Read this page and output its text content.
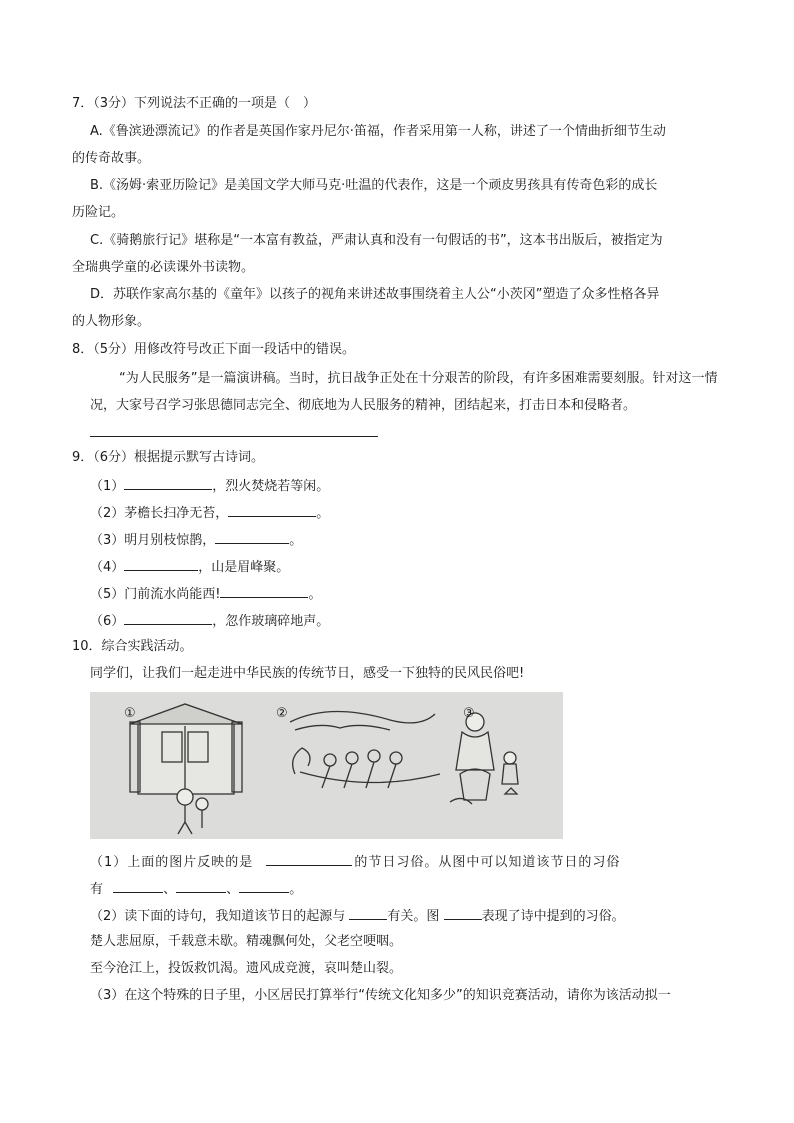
7．（3分）下列说法不正确的一项是（　）
A.《鲁滨逊漂流记》的作者是英国作家丹尼尔·笛福，作者采用第一人称，讲述了一个情曲折细节生动
的传奇故事。
B.《汤姆·索亚历险记》是美国文学大师马克·吐温的代表作，这是一个顽皮男孩具有传奇色彩的成长
历险记。
C.《骑鹅旅行记》堪称是“一本富有教益，严肃认真和没有一句假话的书”，这本书出版后，被指定为
全瑞典学童的必读课外书读物。
D．苏联作家高尔基的《童年》以孩子的视角来讲述故事围绕着主人公“小茨冈”塑造了众多性格各异
的人物形象。
8．（5分）用修改符号改正下面一段话中的错误。
“为人民服务”是一篇演讲稿。当时，抗日战争正处在十分艰苦的阶段，有许多困难需要刻服。针对这一情况，大家号召学习张思德同志完全、彻底地为人民服务的精神，团结起来，打击日本和侵略者。
9．（6分）根据提示默写古诗词。
（1）	，烈火焚烧若等闲。
（2）茅檐长扫净无苔，	。
（3）明月别枝惊鹊，	。
（4）	，山是眉峰聚。
（5）门前流水尚能西!	。
（6）	，忽作玻璃碎地声。
10．综合实践活动。
同学们，让我们一起走进中华民族的传统节日，感受一下独特的民风民俗吧!
①	②	③
（1）上面的图片反映的是	的节日习俗。从图中可以知道该节日的习俗
有	、	、	。
（2）读下面的诗句，我知道该节日的起源与	有关。图	表现了诗中提到的习俗。
楚人悲屈原，千载意未歇。精魂飘何处，父老空哽咽。
至今沧江上，投饭救饥渴。遗风成竞渡，哀叫楚山裂。
（3）在这个特殊的日子里，小区居民打算举行“传统文化知多少”的知识竞赛活动，请你为该活动拟一
